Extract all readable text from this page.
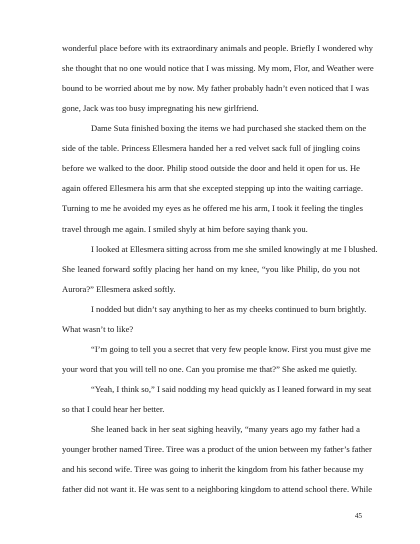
wonderful place before with its extraordinary animals and people. Briefly I wondered why
she thought that no one would notice that I was missing. My mom, Flor, and Weather were
bound to be worried about me by now. My father probably hadn’t even noticed that I was
gone, Jack was too busy impregnating his new girlfriend.
Dame Suta finished boxing the items we had purchased she stacked them on the
side of the table. Princess Ellesmera handed her a red velvet sack full of jingling coins
before we walked to the door. Philip stood outside the door and held it open for us. He
again offered Ellesmera his arm that she excepted stepping up into the waiting carriage.
Turning to me he avoided my eyes as he offered me his arm, I took it feeling the tingles
travel through me again. I smiled shyly at him before saying thank you.
I looked at Ellesmera sitting across from me she smiled knowingly at me I blushed.
She leaned forward softly placing her hand on my knee, “you like Philip, do you not
Aurora?” Ellesmera asked softly.
I nodded but didn’t say anything to her as my cheeks continued to burn brightly.
What wasn’t to like?
“I’m going to tell you a secret that very few people know. First you must give me
your word that you will tell no one. Can you promise me that?” She asked me quietly.
“Yeah, I think so,” I said nodding my head quickly as I leaned forward in my seat
so that I could hear her better.
She leaned back in her seat sighing heavily, “many years ago my father had a
younger brother named Tiree. Tiree was a product of the union between my father’s father
and his second wife. Tiree was going to inherit the kingdom from his father because my
father did not want it. He was sent to a neighboring kingdom to attend school there. While
45
